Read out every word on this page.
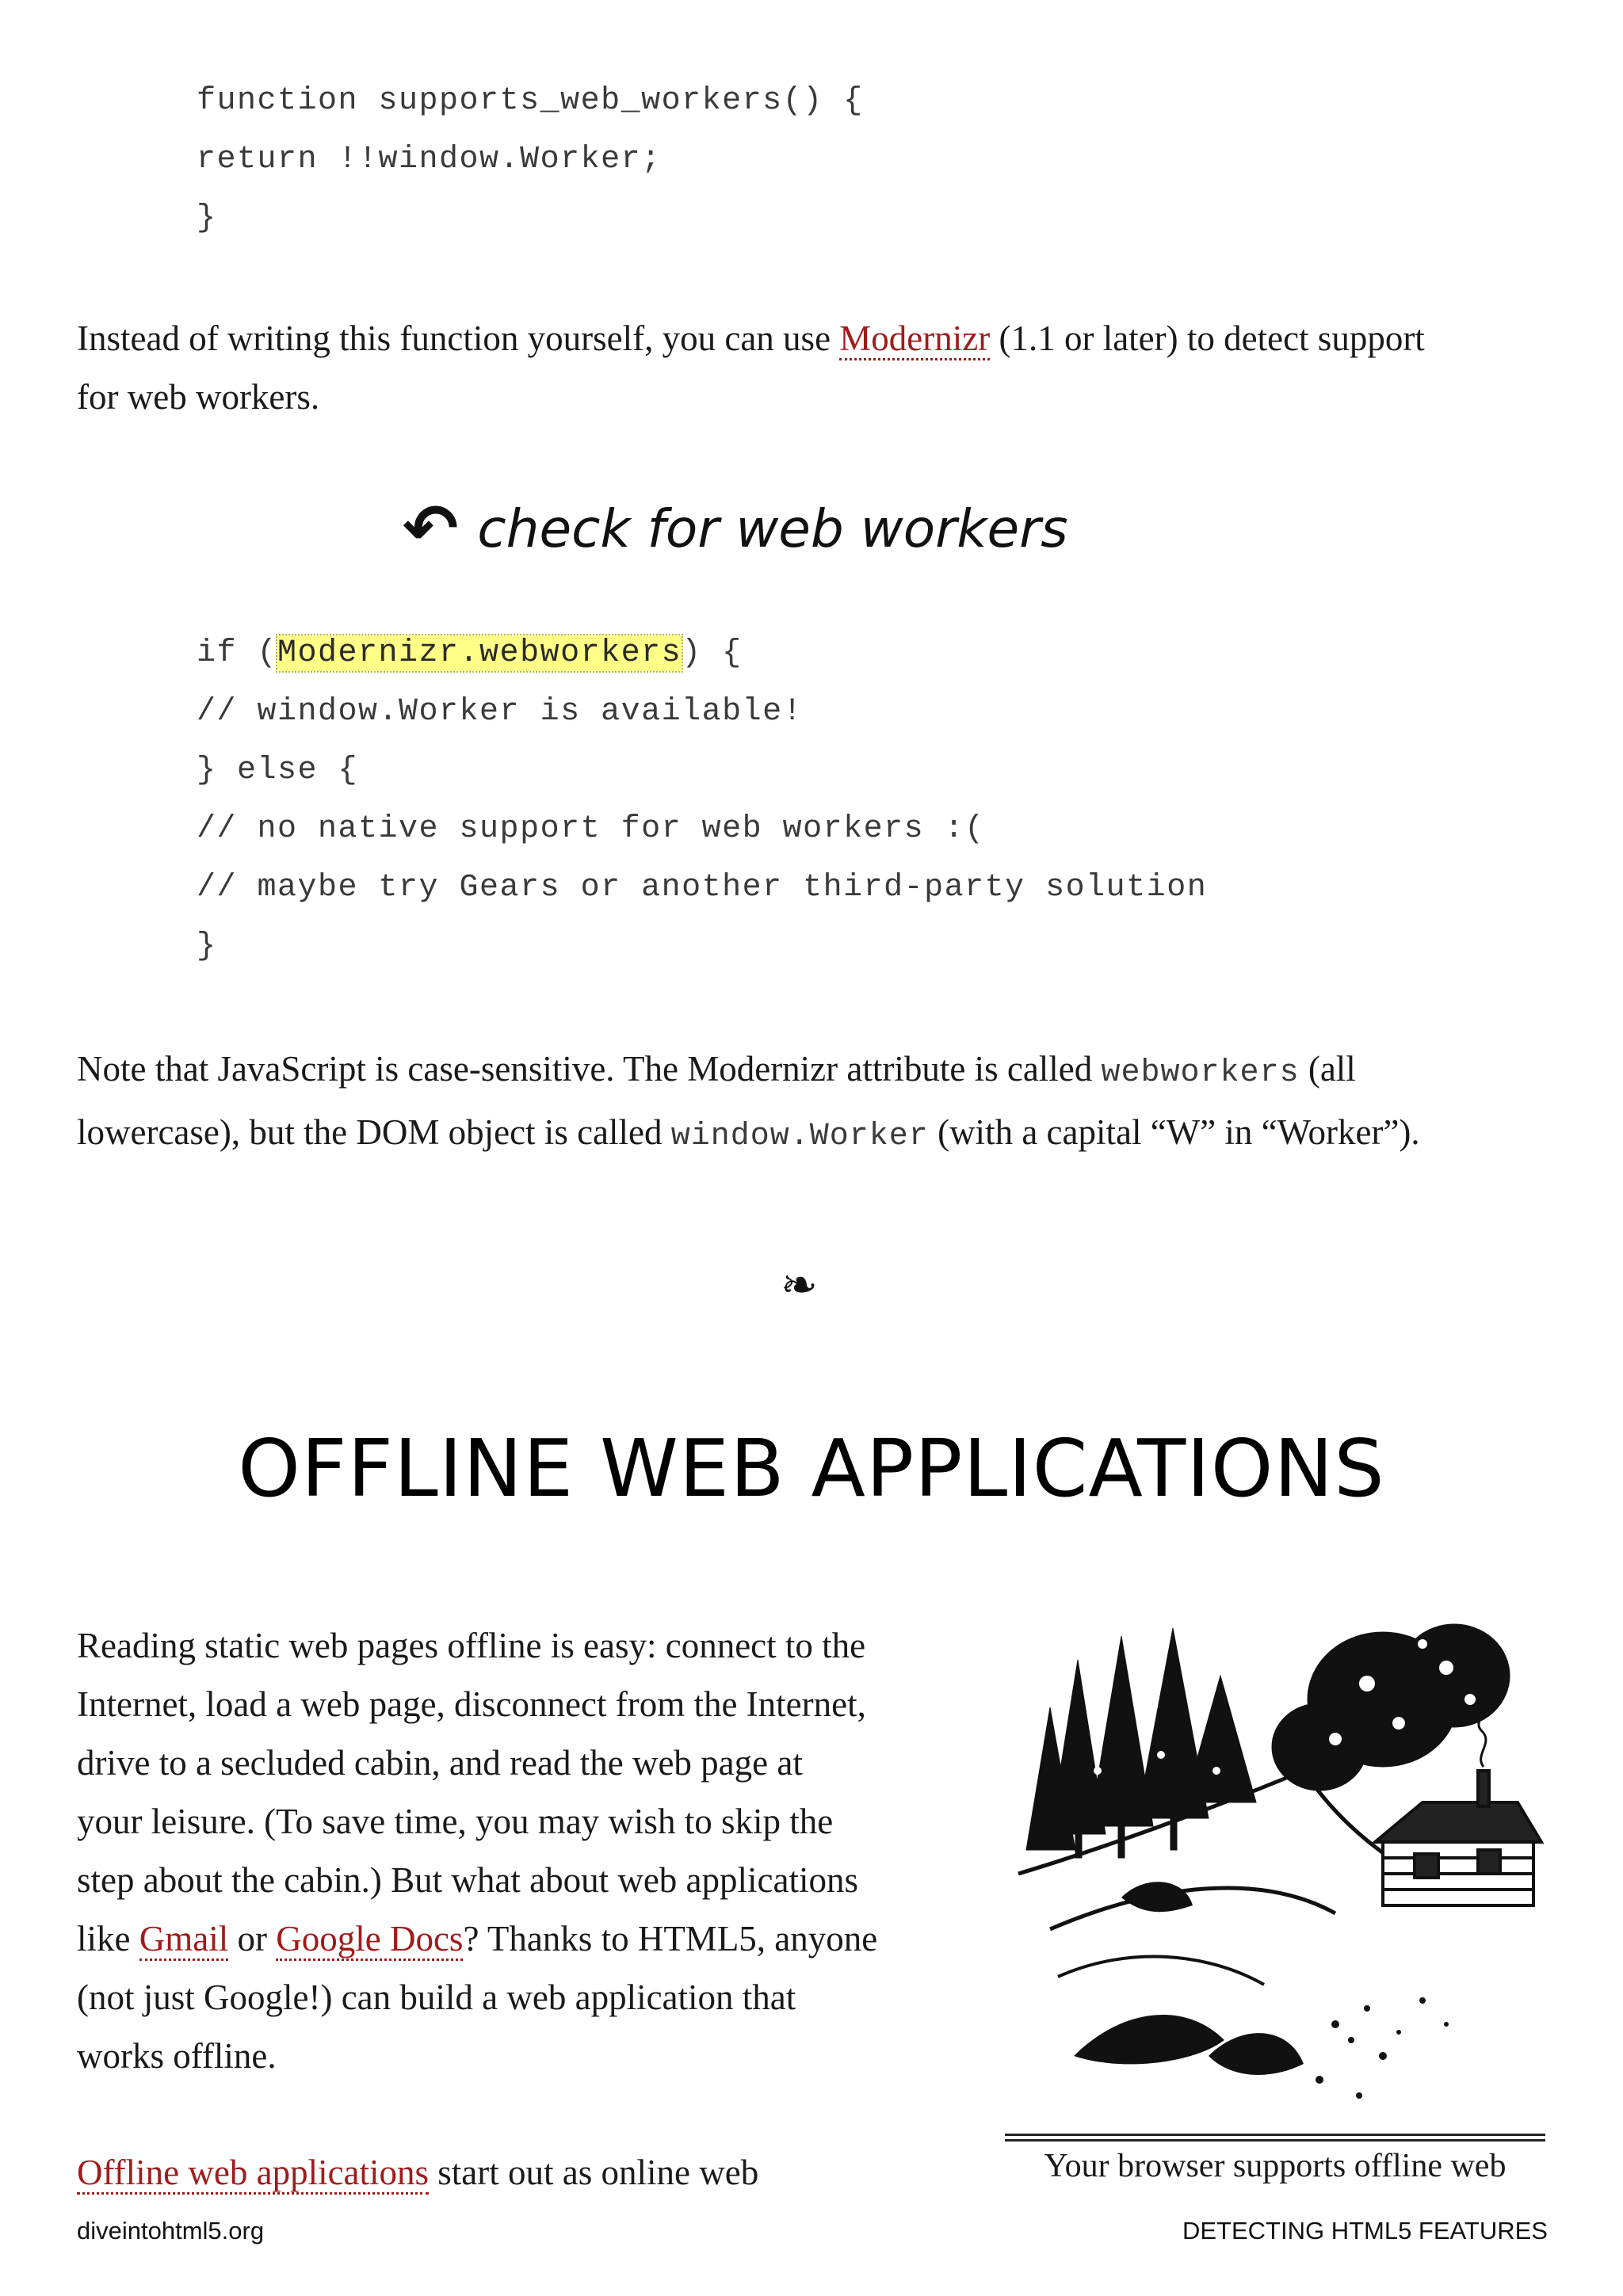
function supports_web_workers() {
return !!window.Worker;
}
Instead of writing this function yourself, you can use Modernizr (1.1 or later) to detect support
for web workers.
↶ check for web workers
if (Modernizr.webworkers) {
// window.Worker is available!
} else {
// no native support for web workers :(
// maybe try Gears or another third-party solution
}
Note that JavaScript is case-sensitive. The Modernizr attribute is called webworkers (all
lowercase), but the DOM object is called window.Worker (with a capital “W” in “Worker”).
❧
OFFLINE WEB APPLICATIONS
Reading static web pages offline is easy: connect to the
Internet, load a web page, disconnect from the Internet,
drive to a secluded cabin, and read the web page at
your leisure. (To save time, you may wish to skip the
step about the cabin.) But what about web applications
like Gmail or Google Docs? Thanks to HTML5, anyone
(not just Google!) can build a web application that
works offline.
Offline web applications start out as online web	Your browser supports offline web
diveintohtml5.org	DETECTING HTML5 FEATURES
